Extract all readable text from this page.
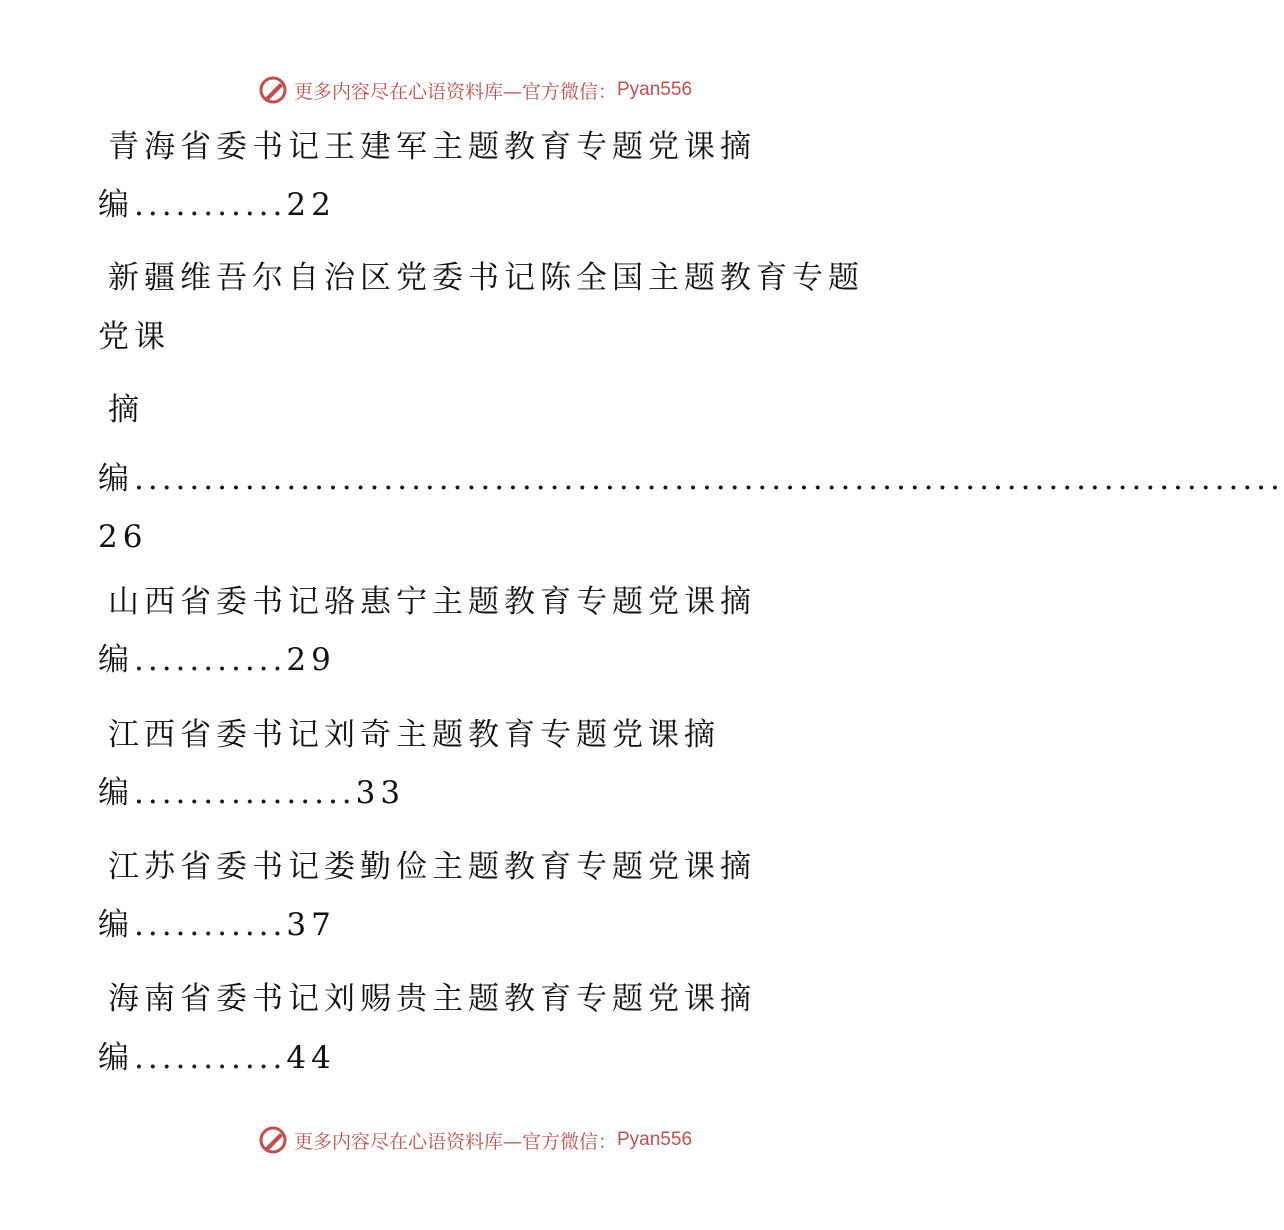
更多内容尽在心语资料库—官方微信： Pyan556
青海省委书记王建军主题教育专题党课摘
编...........22
新疆维吾尔自治区党委书记陈全国主题教育专题
党课
摘
编...................................................................................26
山西省委书记骆惠宁主题教育专题党课摘
编...........29
江西省委书记刘奇主题教育专题党课摘
编................33
江苏省委书记娄勤俭主题教育专题党课摘
编...........37
海南省委书记刘赐贵主题教育专题党课摘
编...........44
更多内容尽在心语资料库—官方微信： Pyan556
